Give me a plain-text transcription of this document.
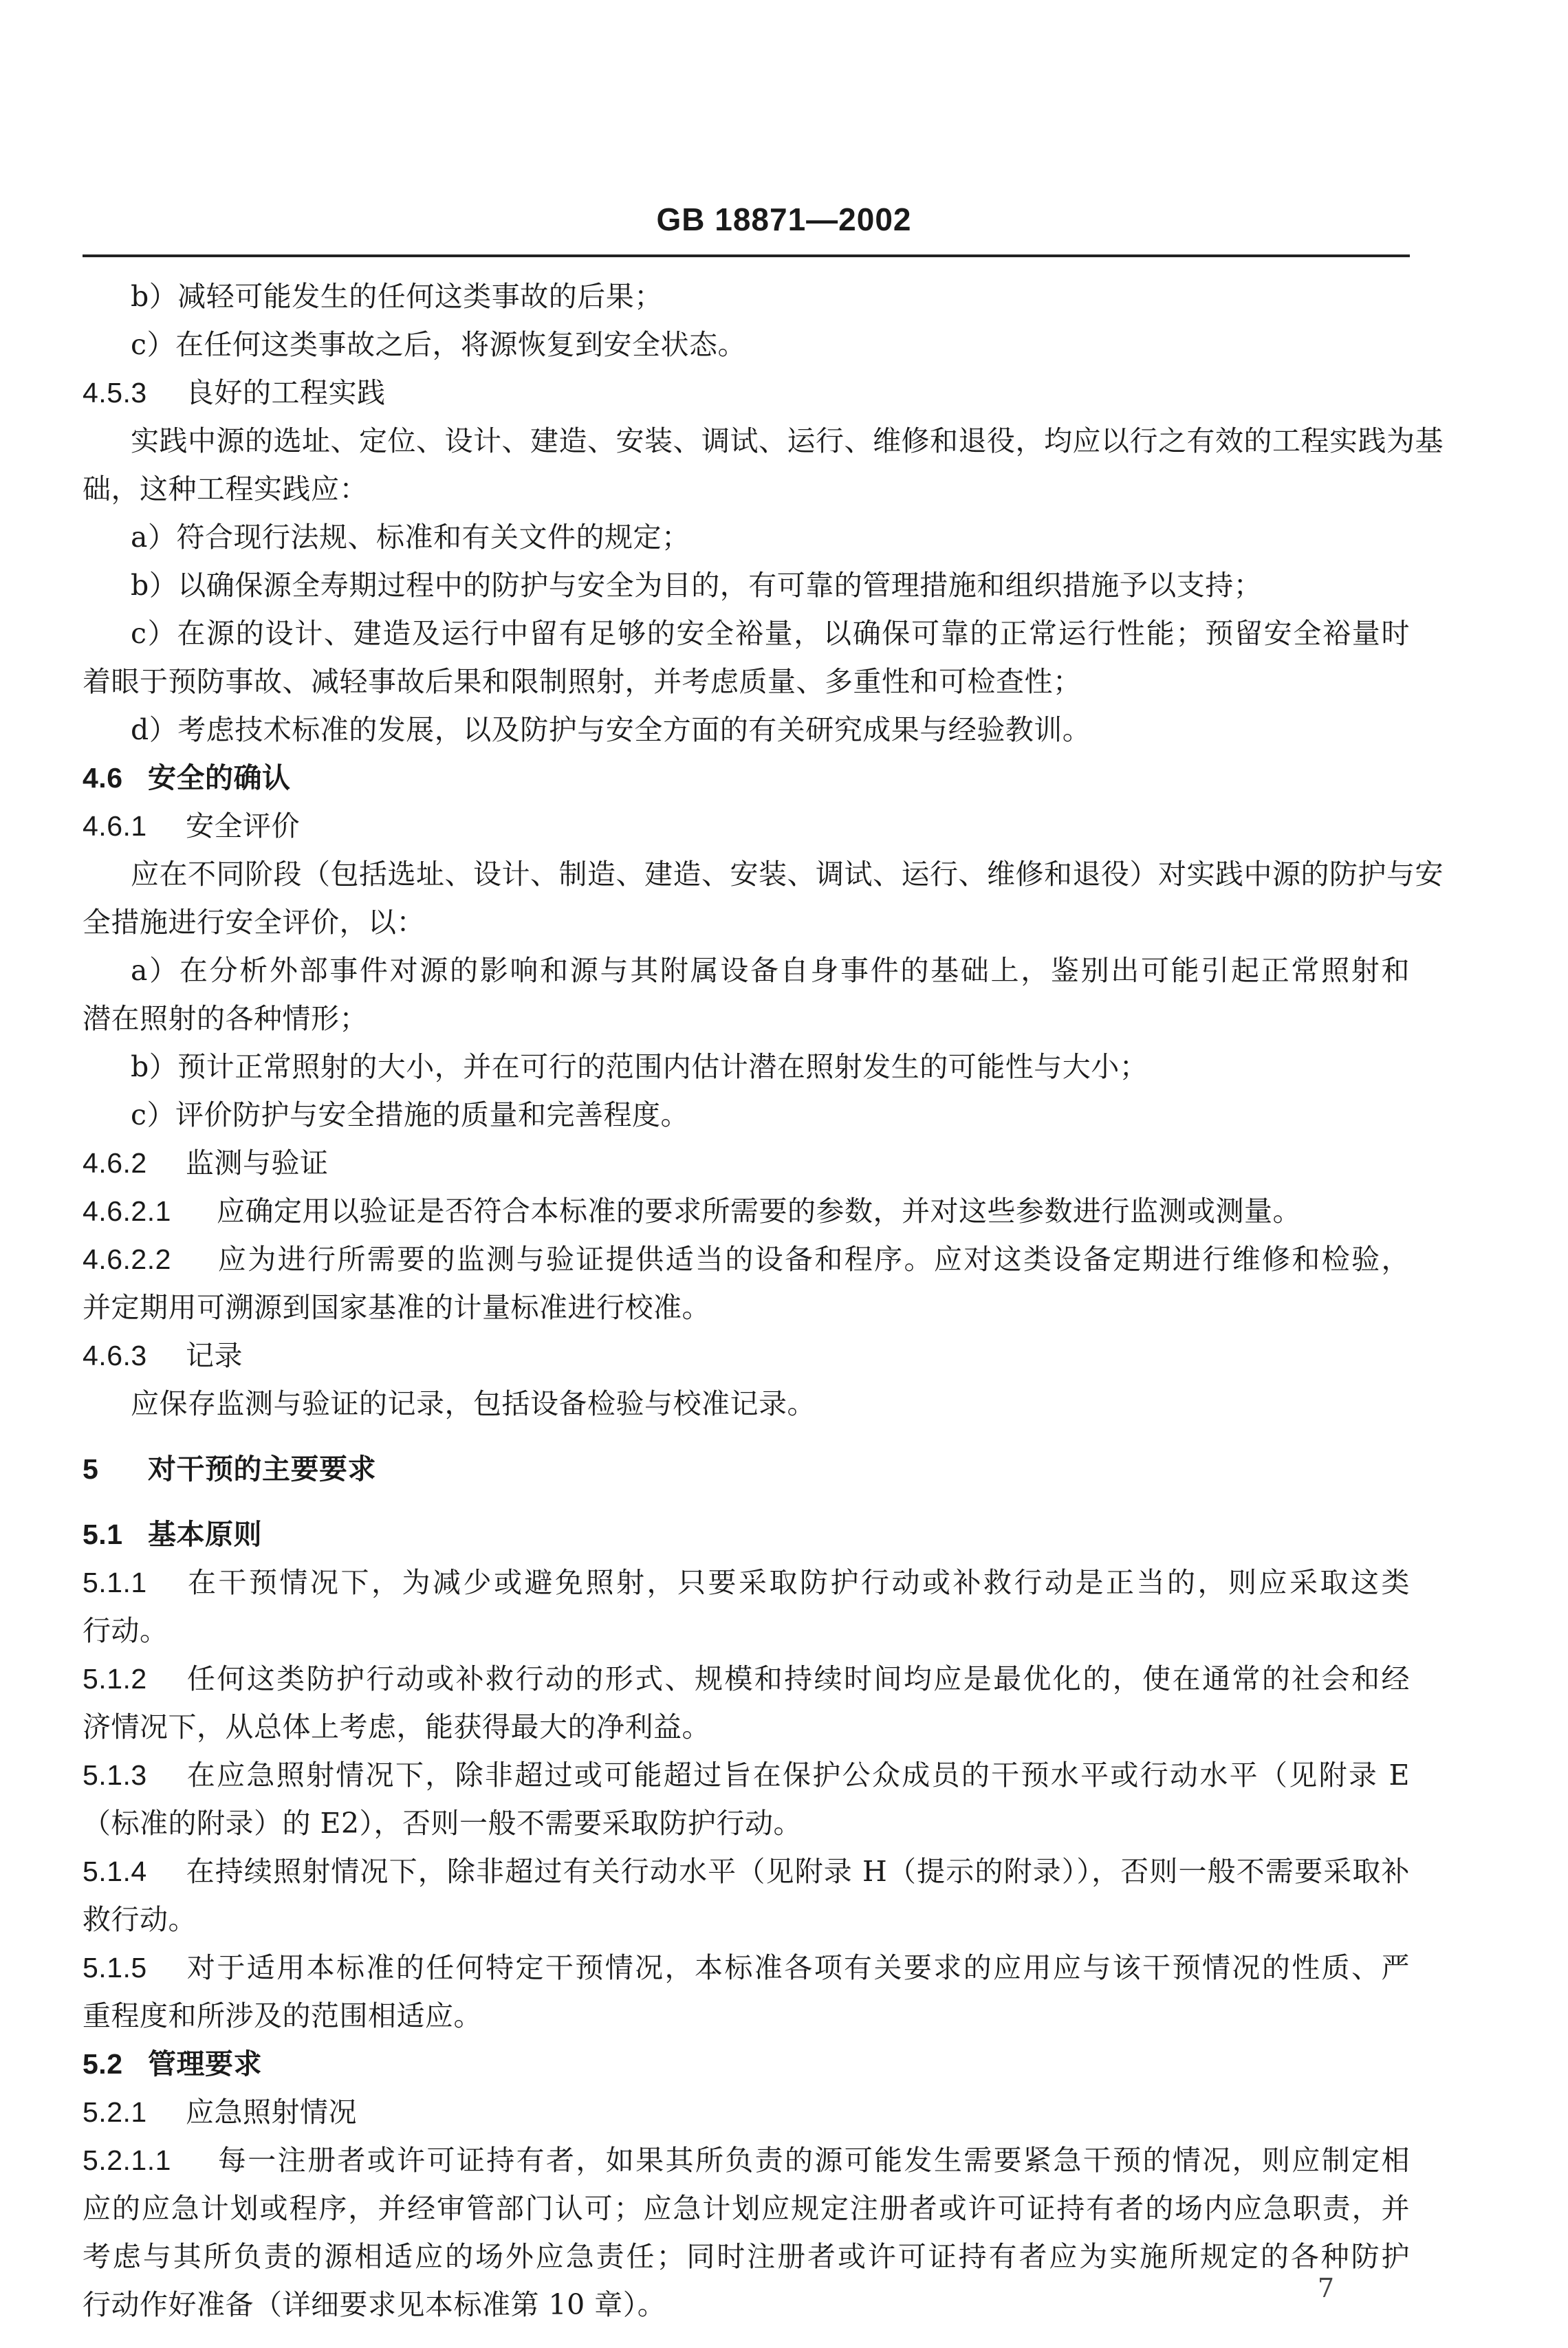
GB 18871—2002
b）减轻可能发生的任何这类事故的后果；
c）在任何这类事故之后，将源恢复到安全状态。
4.5.3 良好的工程实践
实践中源的选址、定位、设计、建造、安装、调试、运行、维修和退役，均应以行之有效的工程实践为基
础，这种工程实践应：
a）符合现行法规、标准和有关文件的规定；
b）以确保源全寿期过程中的防护与安全为目的，有可靠的管理措施和组织措施予以支持；
c）在源的设计、建造及运行中留有足够的安全裕量，以确保可靠的正常运行性能；预留安全裕量时
着眼于预防事故、减轻事故后果和限制照射，并考虑质量、多重性和可检查性；
d）考虑技术标准的发展，以及防护与安全方面的有关研究成果与经验教训。
4.6 安全的确认
4.6.1 安全评价
应在不同阶段（包括选址、设计、制造、建造、安装、调试、运行、维修和退役）对实践中源的防护与安
全措施进行安全评价，以：
a）在分析外部事件对源的影响和源与其附属设备自身事件的基础上，鉴别出可能引起正常照射和
潜在照射的各种情形；
b）预计正常照射的大小，并在可行的范围内估计潜在照射发生的可能性与大小；
c）评价防护与安全措施的质量和完善程度。
4.6.2 监测与验证
4.6.2.1 应确定用以验证是否符合本标准的要求所需要的参数，并对这些参数进行监测或测量。
4.6.2.2 应为进行所需要的监测与验证提供适当的设备和程序。应对这类设备定期进行维修和检验，
并定期用可溯源到国家基准的计量标准进行校准。
4.6.3 记录
应保存监测与验证的记录，包括设备检验与校准记录。
5 对干预的主要要求
5.1 基本原则
5.1.1 在干预情况下，为减少或避免照射，只要采取防护行动或补救行动是正当的，则应采取这类
行动。
5.1.2 任何这类防护行动或补救行动的形式、规模和持续时间均应是最优化的，使在通常的社会和经
济情况下，从总体上考虑，能获得最大的净利益。
5.1.3 在应急照射情况下，除非超过或可能超过旨在保护公众成员的干预水平或行动水平（见附录 E
（标准的附录）的 E2），否则一般不需要采取防护行动。
5.1.4 在持续照射情况下，除非超过有关行动水平（见附录 H（提示的附录）），否则一般不需要采取补
救行动。
5.1.5 对于适用本标准的任何特定干预情况，本标准各项有关要求的应用应与该干预情况的性质、严
重程度和所涉及的范围相适应。
5.2 管理要求
5.2.1 应急照射情况
5.2.1.1 每一注册者或许可证持有者，如果其所负责的源可能发生需要紧急干预的情况，则应制定相
应的应急计划或程序，并经审管部门认可；应急计划应规定注册者或许可证持有者的场内应急职责，并
考虑与其所负责的源相适应的场外应急责任；同时注册者或许可证持有者应为实施所规定的各种防护
行动作好准备（详细要求见本标准第 10 章）。	7
